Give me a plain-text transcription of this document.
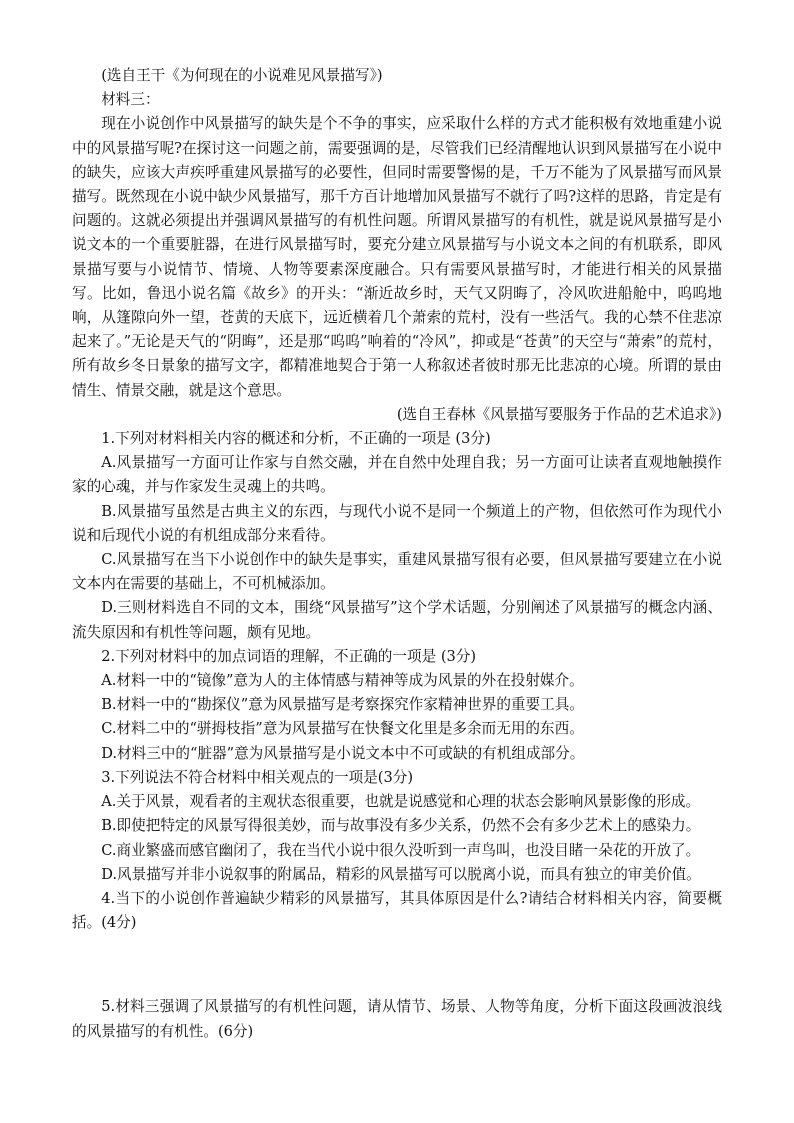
(选自王干《为何现在的小说难见风景描写》)

材料三：

现在小说创作中风景描写的缺失是个不争的事实，应采取什么样的方式才能积极有效地重建小说中的风景描写呢?在探讨这一问题之前，需要强调的是，尽管我们已经清醒地认识到风景描写在小说中的缺失，应该大声疾呼重建风景描写的必要性，但同时需要警惕的是，千万不能为了风景描写而风景描写。既然现在小说中缺少风景描写，那千方百计地增加风景描写不就行了吗?这样的思路，肯定是有问题的。这就必须提出并强调风景描写的有机性问题。所谓风景描写的有机性，就是说风景描写是小说文本的一个重要脏器，在进行风景描写时，要充分建立风景描写与小说文本之间的有机联系，即风景描写要与小说情节、情境、人物等要素深度融合。只有需要风景描写时，才能进行相关的风景描写。比如，鲁迅小说名篇《故乡》的开头：“渐近故乡时，天气又阴晦了，冷风吹进船舱中，呜呜地响，从篷隙向外一望，苍黄的天底下，远近横着几个萧索的荒村，没有一些活气。我的心禁不住悲凉起来了。”无论是天气的“阴晦”，还是那“呜呜”响着的“冷风”，抑或是“苍黄”的天空与“萧索”的荒村，所有故乡冬日景象的描写文字，都精准地契合于第一人称叙述者彼时那无比悲凉的心境。所谓的景由情生、情景交融，就是这个意思。

(选自王春林《风景描写要服务于作品的艺术追求》)

1.下列对材料相关内容的概述和分析，不正确的一项是 (3分)

A.风景描写一方面可让作家与自然交融，并在自然中处理自我；另一方面可让读者直观地触摸作家的心魂，并与作家发生灵魂上的共鸣。

B.风景描写虽然是古典主义的东西，与现代小说不是同一个频道上的产物，但依然可作为现代小说和后现代小说的有机组成部分来看待。

C.风景描写在当下小说创作中的缺失是事实，重建风景描写很有必要，但风景描写要建立在小说文本内在需要的基础上，不可机械添加。

D.三则材料选自不同的文本，围绕“风景描写”这个学术话题，分别阐述了风景描写的概念内涵、流失原因和有机性等问题，颇有见地。

2.下列对材料中的加点词语的理解，不正确的一项是 (3分)

A.材料一中的“镜像”意为人的主体情感与精神等成为风景的外在投射媒介。

B.材料一中的“勘探仪”意为风景描写是考察探究作家精神世界的重要工具。

C.材料二中的“骈拇枝指”意为风景描写在快餐文化里是多余而无用的东西。

D.材料三中的“脏器”意为风景描写是小说文本中不可或缺的有机组成部分。

3.下列说法不符合材料中相关观点的一项是(3分)

A.关于风景，观看者的主观状态很重要，也就是说感觉和心理的状态会影响风景影像的形成。

B.即使把特定的风景写得很美妙，而与故事没有多少关系，仍然不会有多少艺术上的感染力。

C.商业繁盛而感官幽闭了，我在当代小说中很久没听到一声鸟叫，也没目睹一朵花的开放了。

D.风景描写并非小说叙事的附属品，精彩的风景描写可以脱离小说，而具有独立的审美价值。

4.当下的小说创作普遍缺少精彩的风景描写，其具体原因是什么?请结合材料相关内容，简要概括。(4分)

5.材料三强调了风景描写的有机性问题，请从情节、场景、人物等角度，分析下面这段画波浪线的风景描写的有机性。(6分)
